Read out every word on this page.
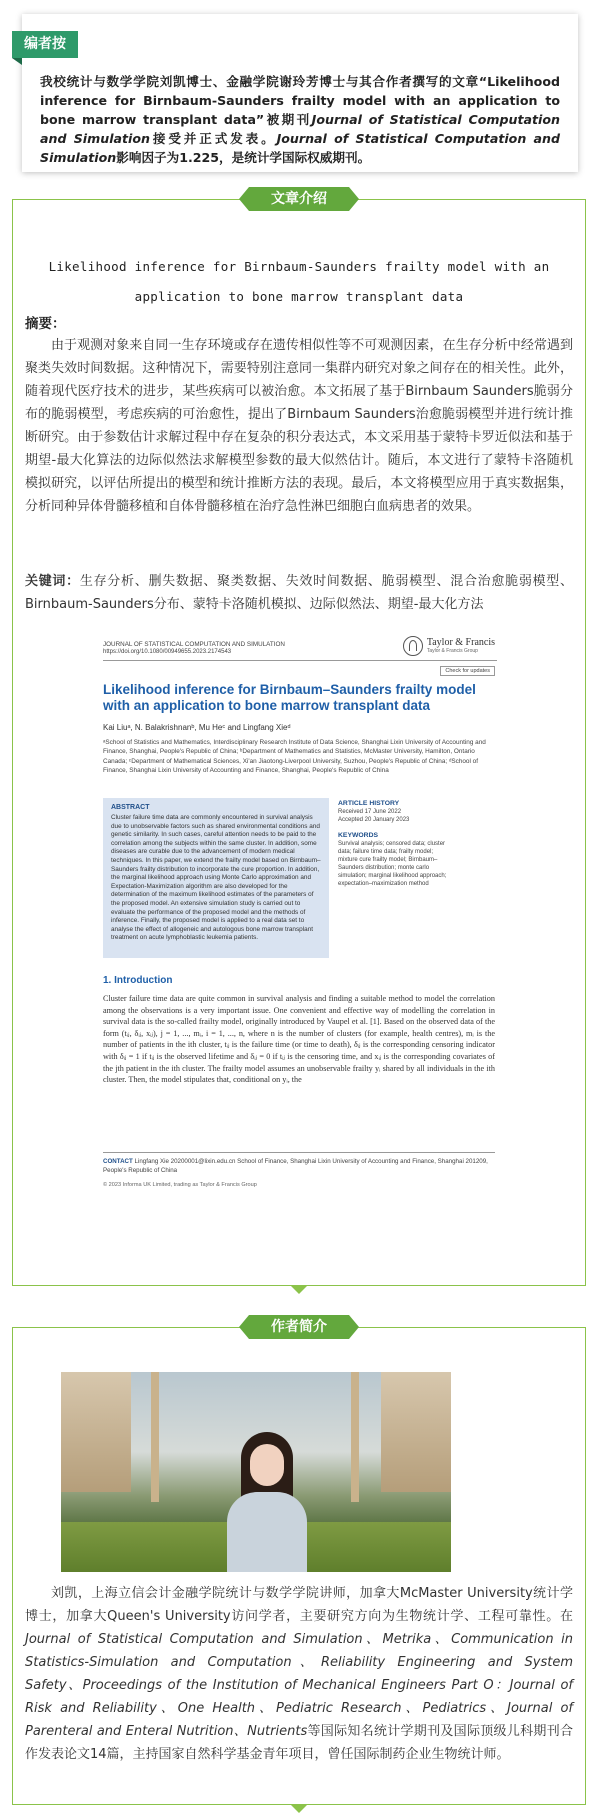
编者按
我校统计与数学学院刘凯博士、金融学院谢玲芳博士与其合作者撰写的文章“Likelihood inference for Birnbaum-Saunders frailty model with an application to bone marrow transplant data”被期刊Journal of Statistical Computation and Simulation接受并正式发表。Journal of Statistical Computation and Simulation影响因子为1.225，是统计学国际权威期刊。
文章介绍
Likelihood inference for Birnbaum-Saunders frailty model with an application to bone marrow transplant data
摘要：
由于观测对象来自同一生存环境或存在遗传相似性等不可观测因素，在生存分析中经常遇到聚类失效时间数据。这种情况下，需要特别注意同一集群内研究对象之间存在的相关性。此外，随着现代医疗技术的进步，某些疾病可以被治愈。本文拓展了基于Birnbaum Saunders脆弱分布的脆弱模型，考虑疾病的可治愈性，提出了Birnbaum Saunders治愈脆弱模型并进行统计推断研究。由于参数估计求解过程中存在复杂的积分表达式，本文采用基于蒙特卡罗近似法和基于期望-最大化算法的边际似然法求解模型参数的最大似然估计。随后，本文进行了蒙特卡洛随机模拟研究，以评估所提出的模型和统计推断方法的表现。最后，本文将模型应用于真实数据集，分析同种异体骨髓移植和自体骨髓移植在治疗急性淋巴细胞白血病患者的效果。
关键词：生存分析、删失数据、聚类数据、失效时间数据、脆弱模型、混合治愈脆弱模型、Birnbaum-Saunders分布、蒙特卡洛随机模拟、边际似然法、期望-最大化方法
JOURNAL OF STATISTICAL COMPUTATION AND SIMULATION
https://doi.org/10.1080/00949655.2023.2174543
Taylor & Francis
Taylor & Francis Group
Check for updates
Likelihood inference for Birnbaum–Saunders frailty model with an application to bone marrow transplant data
Kai Liuᵃ, N. Balakrishnanᵇ, Mu Heᶜ and Lingfang Xieᵈ
ᵃSchool of Statistics and Mathematics, Interdisciplinary Research Institute of Data Science, Shanghai Lixin University of Accounting and Finance, Shanghai, People's Republic of China; ᵇDepartment of Mathematics and Statistics, McMaster University, Hamilton, Ontario Canada; ᶜDepartment of Mathematical Sciences, Xi'an Jiaotong-Liverpool University, Suzhou, People's Republic of China; ᵈSchool of Finance, Shanghai Lixin University of Accounting and Finance, Shanghai, People's Republic of China
ABSTRACT
Cluster failure time data are commonly encountered in survival analysis due to unobservable factors such as shared environmental conditions and genetic similarity. In such cases, careful attention needs to be paid to the correlation among the subjects within the same cluster. In addition, some diseases are curable due to the advancement of modern medical techniques. In this paper, we extend the frailty model based on Birnbaum–Saunders frailty distribution to incorporate the cure proportion. In addition, the marginal likelihood approach using Monte Carlo approximation and Expectation-Maximization algorithm are also developed for the determination of the maximum likelihood estimates of the parameters of the proposed model. An extensive simulation study is carried out to evaluate the performance of the proposed model and the methods of inference. Finally, the proposed model is applied to a real data set to analyse the effect of allogeneic and autologous bone marrow transplant treatment on acute lymphoblastic leukemia patients.
ARTICLE HISTORY
Received 17 June 2022
Accepted 20 January 2023
KEYWORDS
Survival analysis; censored data; cluster data; failure time data; frailty model; mixture cure frailty model; Birnbaum–Saunders distribution; monte carlo simulation; marginal likelihood approach; expectation–maximization method
1. Introduction
Cluster failure time data are quite common in survival analysis and finding a suitable method to model the correlation among the observations is a very important issue. One convenient and effective way of modelling the correlation in survival data is the so-called frailty model, originally introduced by Vaupel et al. [1]. Based on the observed data of the form (tᵢⱼ, δᵢⱼ, xᵢⱼ), j = 1, ..., mᵢ, i = 1, ..., n, where n is the number of clusters (for example, health centres), mᵢ is the number of patients in the ith cluster, tᵢⱼ is the failure time (or time to death), δᵢⱼ is the corresponding censoring indicator with δᵢⱼ = 1 if tᵢⱼ is the observed lifetime and δᵢⱼ = 0 if tᵢⱼ is the censoring time, and xᵢⱼ is the corresponding covariates of the jth patient in the ith cluster. The frailty model assumes an unobservable frailty yᵢ shared by all individuals in the ith cluster. Then, the model stipulates that, conditional on yᵢ, the
CONTACT Lingfang Xie 20200001@lixin.edu.cn School of Finance, Shanghai Lixin University of Accounting and Finance, Shanghai 201209, People's Republic of China
© 2023 Informa UK Limited, trading as Taylor & Francis Group
作者简介
刘凯，上海立信会计金融学院统计与数学学院讲师，加拿大McMaster University统计学博士，加拿大Queen's University访问学者，主要研究方向为生物统计学、工程可靠性。在Journal of Statistical Computation and Simulation、Metrika、Communication in Statistics-Simulation and Computation、Reliability Engineering and System Safety、Proceedings of the Institution of Mechanical Engineers Part O：Journal of Risk and Reliability、One Health、Pediatric Research、Pediatrics、Journal of Parenteral and Enteral Nutrition、Nutrients等国际知名统计学期刊及国际顶级儿科期刊合作发表论文14篇，主持国家自然科学基金青年项目，曾任国际制药企业生物统计师。
